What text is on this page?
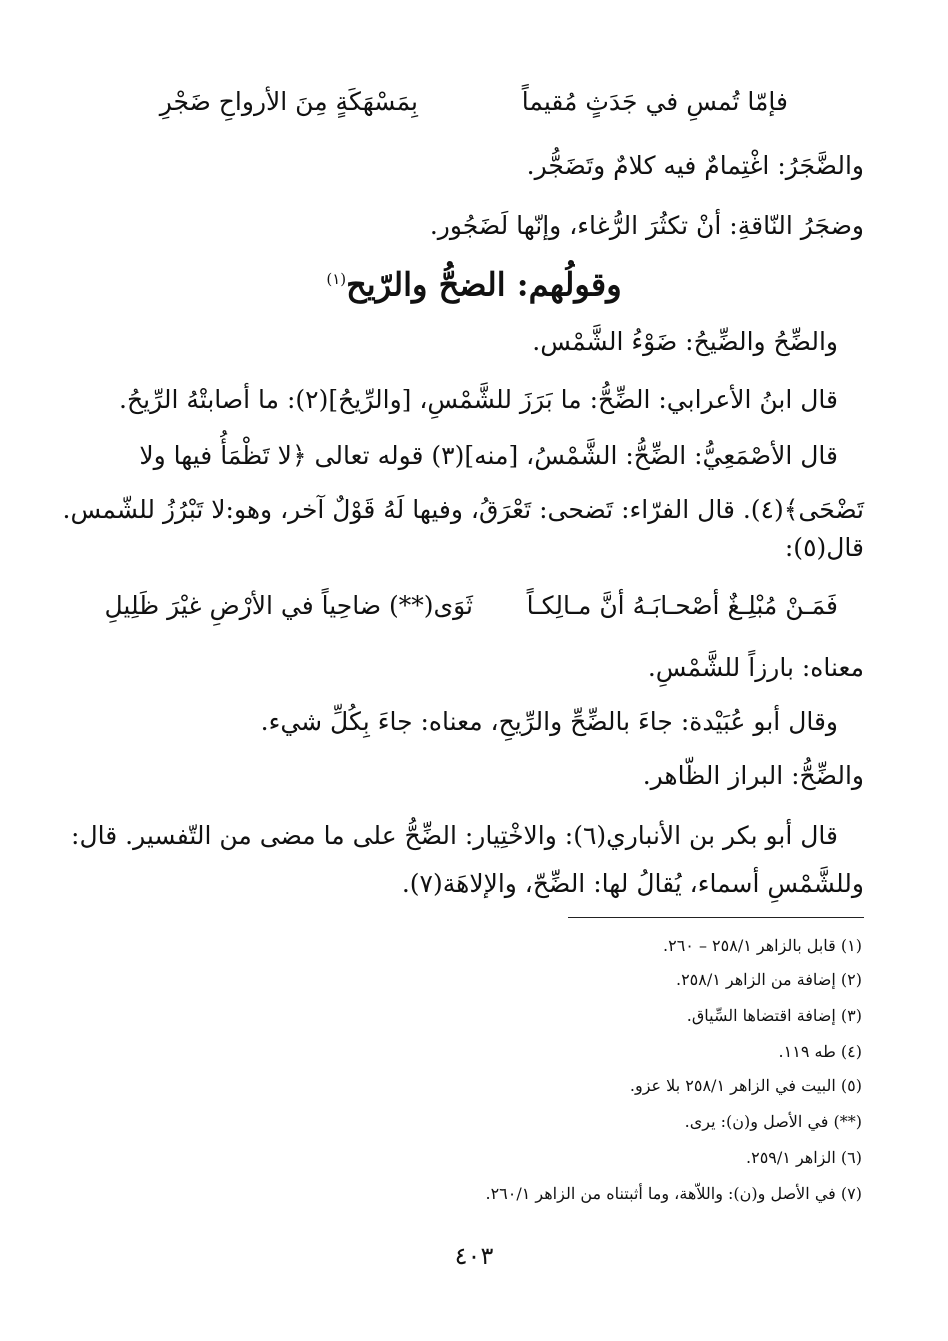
فإمّا تُمسِ في جَدَثٍ مُقيماً
بِمَسْهَكَةٍ مِنَ الأرواحِ ضَجْرِ
والضَّجَرُ: اغْتِمامٌ فيه كلامٌ وتَضَجُّر.
وضجَرُ النّاقةِ: أنْ تكثُرَ الرُّغاء، وإنّها لَضَجُور.
وقولُهم: الضحُّ والرّيح$^{(١)}$
والضِّحُ والضِّيحُ: ضَوْءُ الشَّمْس.
قال ابنُ الأعرابي: الضِّحُّ: ما بَرَزَ للشَّمْسِ، [والرِّيحُ](٢): ما أصابتْهُ الرِّيحُ.
قال الأصْمَعِيُّ: الضِّحُّ: الشَّمْسُ، [منه](٣) قوله تعالى ﴿لا تَظْمَأُ فيها ولا
تَضْحَى﴾(٤). قال الفرّاء: تَضحى: تَعْرَقُ، وفيها لَهُ قَوْلٌ آخر، وهو:لا تَبْرُزُ للشّمس.
قال(٥):
فَمَـنْ مُبْلِـغٌ أصْحـابَـهُ أنَّ مـالِكـاً
ثَوَى(**) ضاحِياً في الأرْضِ غيْرَ ظَلِيلِ
معناه: بارزاً للشَّمْسِ.
وقال أبو عُبَيْدة: جاءَ بالضِّحِّ والرِّيحِ، معناه: جاءَ بِكُلِّ شيء.
والضِّحُّ: البراز الظّاهر.
قال أبو بكر بن الأنباري(٦): والاخْتِيار: الضِّحُّ على ما مضى من التّفسير. قال:
وللشَّمْسِ أسماء، يُقالُ لها: الضِّحّ، والإلاهَة(٧).
(١) قابل بالزاهر ٢٥٨/١ – ٢٦٠.
(٢) إضافة من الزاهر ٢٥٨/١.
(٣) إضافة اقتضاها السِّياق.
(٤) طه ١١٩.
(٥) البيت في الزاهر ٢٥٨/١ بلا عزو.
(**) في الأصل و(ن): يرى.
(٦) الزاهر ٢٥٩/١.
(٧) في الأصل و(ن): واللاّهة، وما أثبتناه من الزاهر ٢٦٠/١.
٤٠٣
